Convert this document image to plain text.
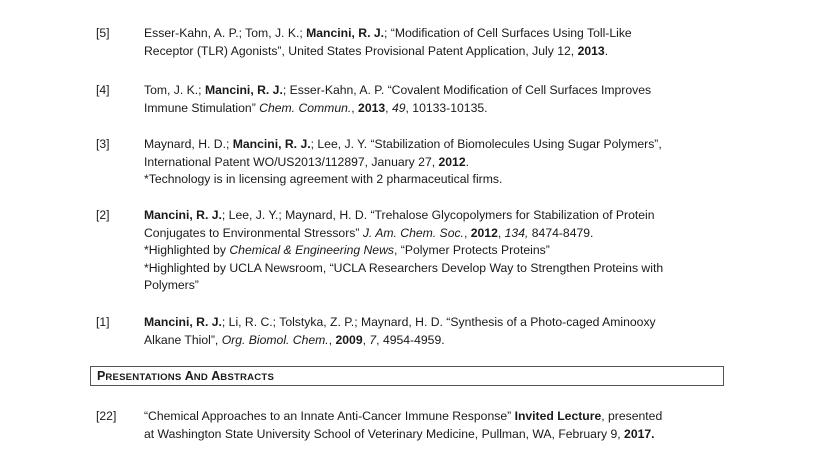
[5]	Esser-Kahn, A. P.; Tom, J. K.; Mancini, R. J.; “Modification of Cell Surfaces Using Toll-Like
Receptor (TLR) Agonists”, United States Provisional Patent Application, July 12, 2013.
[4]	Tom, J. K.; Mancini, R. J.; Esser-Kahn, A. P. “Covalent Modification of Cell Surfaces Improves
Immune Stimulation” Chem. Commun., 2013, 49, 10133-10135.
[3]	Maynard, H. D.; Mancini, R. J.; Lee, J. Y. “Stabilization of Biomolecules Using Sugar Polymers”,
International Patent WO/US2013/112897, January 27, 2012.
*Technology is in licensing agreement with 2 pharmaceutical firms.
[2]	Mancini, R. J.; Lee, J. Y.; Maynard, H. D. “Trehalose Glycopolymers for Stabilization of Protein
Conjugates to Environmental Stressors” J. Am. Chem. Soc., 2012, 134, 8474-8479.
*Highlighted by Chemical & Engineering News, “Polymer Protects Proteins”
*Highlighted by UCLA Newsroom, “UCLA Researchers Develop Way to Strengthen Proteins with
Polymers”
[1]	Mancini, R. J.; Li, R. C.; Tolstyka, Z. P.; Maynard, H. D. “Synthesis of a Photo-caged Aminooxy
Alkane Thiol”, Org. Biomol. Chem., 2009, 7, 4954-4959.
PRESENTATIONS AND ABSTRACTS
[22]	“Chemical Approaches to an Innate Anti-Cancer Immune Response” Invited Lecture, presented
at Washington State University School of Veterinary Medicine, Pullman, WA, February 9, 2017.
